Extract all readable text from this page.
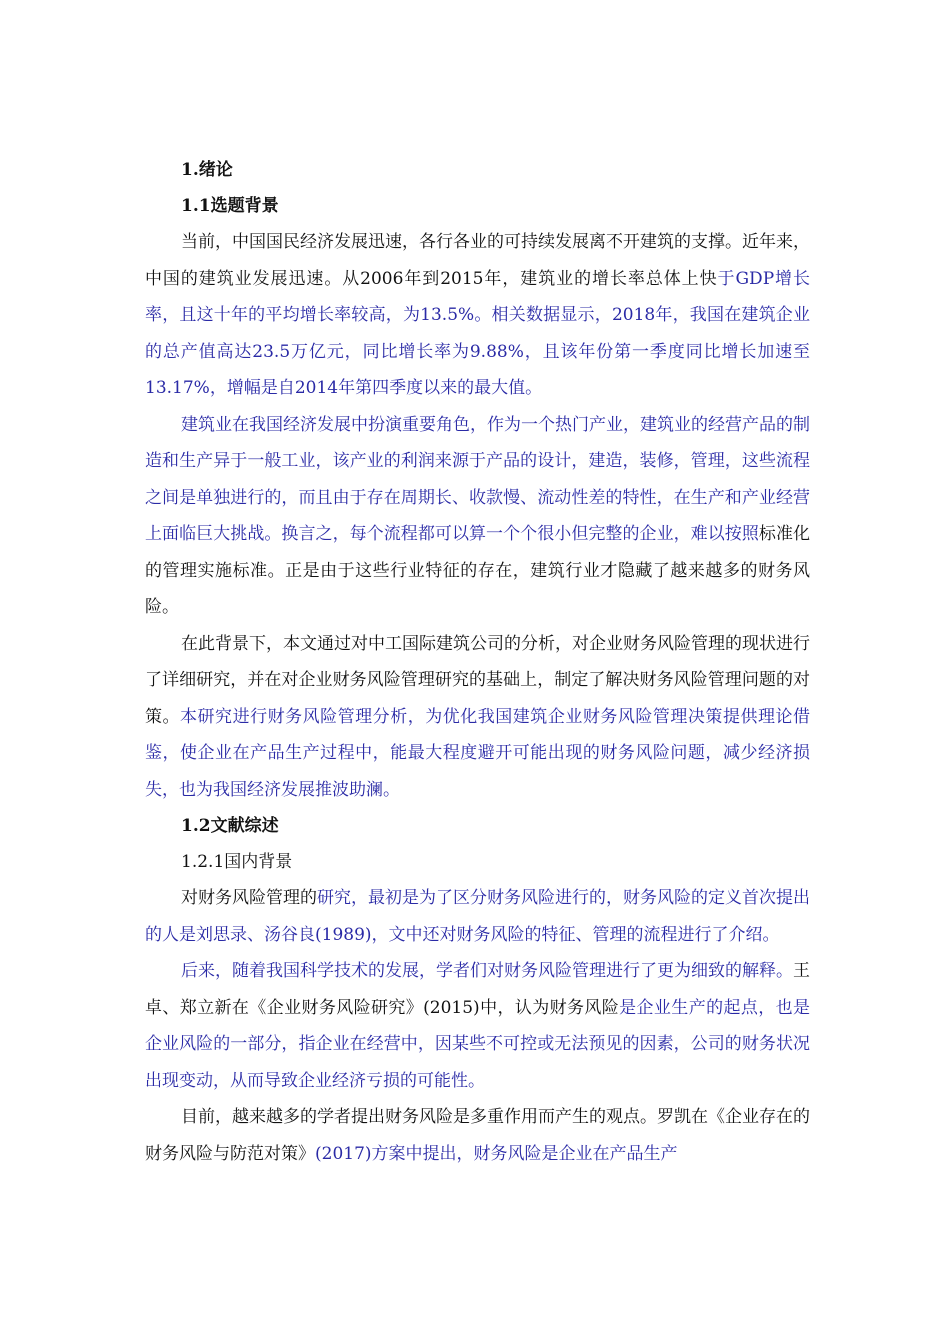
1.绪论
1.1选题背景

当前，中国国民经济发展迅速，各行各业的可持续发展离不开建筑的支撑。近年来，中国的建筑业发展迅速。从2006年到2015年，建筑业的增长率总体上快于GDP增长率，且这十年的平均增长率较高，为13.5%。相关数据显示，2018年，我国在建筑企业的总产值高达23.5万亿元，同比增长率为9.88%，且该年份第一季度同比增长加速至13.17%，增幅是自2014年第四季度以来的最大值。

建筑业在我国经济发展中扮演重要角色，作为一个热门产业，建筑业的经营产品的制造和生产异于一般工业，该产业的利润来源于产品的设计，建造，装修，管理，这些流程之间是单独进行的，而且由于存在周期长、收款慢、流动性差的特性，在生产和产业经营上面临巨大挑战。换言之，每个流程都可以算一个个很小但完整的企业，难以按照标准化的管理实施标准。正是由于这些行业特征的存在，建筑行业才隐藏了越来越多的财务风险。

在此背景下，本文通过对中工国际建筑公司的分析，对企业财务风险管理的现状进行了详细研究，并在对企业财务风险管理研究的基础上，制定了解决财务风险管理问题的对策。本研究进行财务风险管理分析，为优化我国建筑企业财务风险管理决策提供理论借鉴，使企业在产品生产过程中，能最大程度避开可能出现的财务风险问题，减少经济损失，也为我国经济发展推波助澜。

1.2文献综述
1.2.1国内背景

对财务风险管理的研究，最初是为了区分财务风险进行的，财务风险的定义首次提出的人是刘思录、汤谷良(1989)，文中还对财务风险的特征、管理的流程进行了介绍。

后来，随着我国科学技术的发展，学者们对财务风险管理进行了更为细致的解释。王卓、郑立新在《企业财务风险研究》(2015)中，认为财务风险是企业生产的起点，也是企业风险的一部分，指企业在经营中，因某些不可控或无法预见的因素，公司的财务状况出现变动，从而导致企业经济亏损的可能性。

目前，越来越多的学者提出财务风险是多重作用而产生的观点。罗凯在《企业存在的财务风险与防范对策》(2017)方案中提出，财务风险是企业在产品生产
